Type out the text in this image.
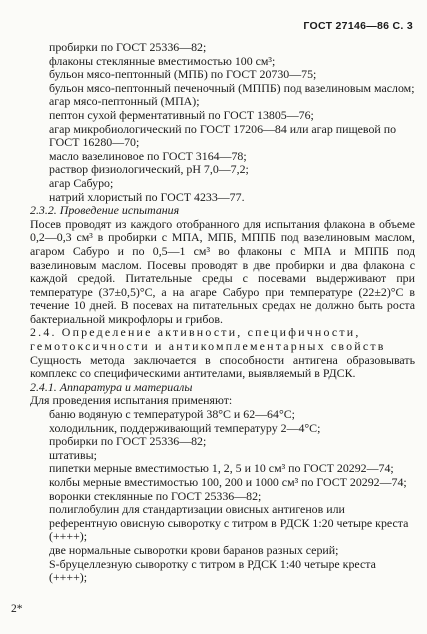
ГОСТ 27146—86 С. 3
пробирки по ГОСТ 25336—82;
флаконы стеклянные вместимостью 100 см³;
бульон мясо-пептонный (МПБ) по ГОСТ 20730—75;
бульон мясо-пептонный печеночный (МППБ) под вазелиновым маслом;
агар мясо-пептонный (МПА);
пептон сухой ферментативный по ГОСТ 13805—76;
агар микробиологический по ГОСТ 17206—84 или агар пищевой по ГОСТ 16280—70;
масло вазелиновое по ГОСТ 3164—78;
раствор физиологический, рН 7,0—7,2;
агар Сабуро;
натрий хлористый по ГОСТ 4233—77.
2.3.2. Проведение испытания
Посев проводят из каждого отобранного для испытания флакона в объеме 0,2—0,3 см³ в пробирки с МПА, МПБ, МППБ под вазелиновым маслом, агаром Сабуро и по 0,5—1 см³ во флаконы с МПА и МППБ под вазелиновым маслом. Посевы проводят в две пробирки и два флакона с каждой средой. Питательные среды с посевами выдерживают при температуре (37±0,5)°С, а на агаре Сабуро при температуре (22±2)°С в течение 10 дней. В посевах на питательных средах не должно быть роста бактериальной микрофлоры и грибов.
2.4. Определение активности, специфичности, гемотоксичности и антикомплементарных свойств
Сущность метода заключается в способности антигена образовывать комплекс со специфическими антителами, выявляемый в РДСК.
2.4.1. Аппаратура и материалы
Для проведения испытания применяют:
баню водяную с температурой 38°С и 62—64°С;
холодильник, поддерживающий температуру 2—4°С;
пробирки по ГОСТ 25336—82;
штативы;
пипетки мерные вместимостью 1, 2, 5 и 10 см³ по ГОСТ 20292—74;
колбы мерные вместимостью 100, 200 и 1000 см³ по ГОСТ 20292—74;
воронки стеклянные по ГОСТ 25336—82;
полиглобулин для стандартизации овисных антигенов или референтную овисную сыворотку с титром в РДСК 1:20 четыре креста (++++);
две нормальные сыворотки крови баранов разных серий;
S-бруцеллезную сыворотку с титром в РДСК 1:40 четыре креста (++++);
2*
